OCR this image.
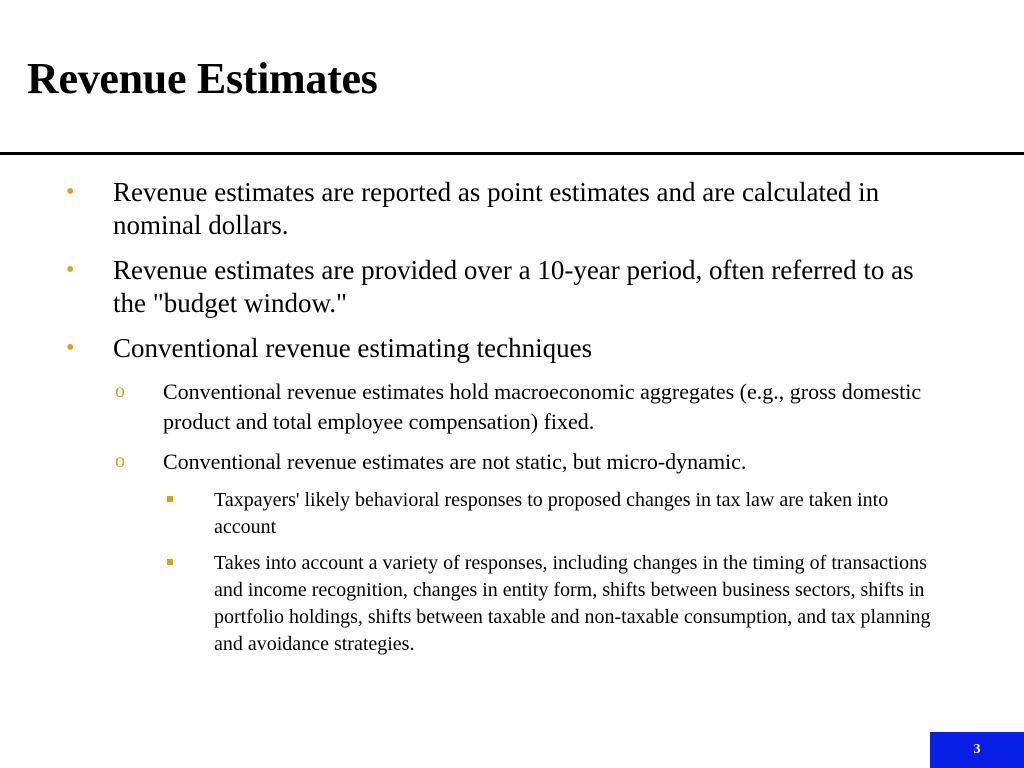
Revenue Estimates
• Revenue estimates are reported as point estimates and are calculated in nominal dollars.
• Revenue estimates are provided over a 10-year period, often referred to as the "budget window."
• Conventional revenue estimating techniques
o Conventional revenue estimates hold macroeconomic aggregates (e.g., gross domestic product and total employee compensation) fixed.
o Conventional revenue estimates are not static, but micro-dynamic.
Taxpayers' likely behavioral responses to proposed changes in tax law are taken into account
Takes into account a variety of responses, including changes in the timing of transactions and income recognition, changes in entity form, shifts between business sectors, shifts in portfolio holdings, shifts between taxable and non-taxable consumption, and tax planning and avoidance strategies.
3
